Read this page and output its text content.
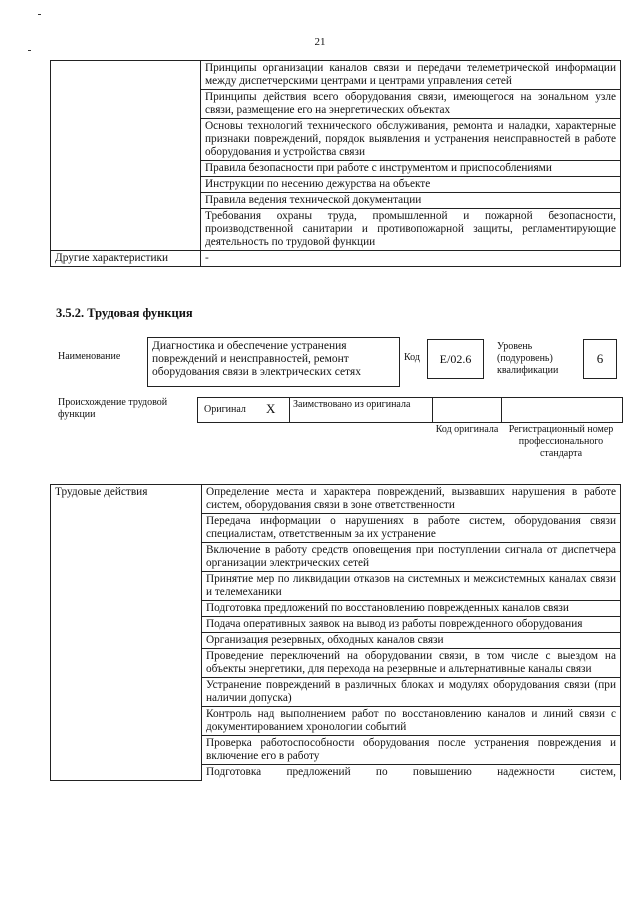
21
	Принципы организации каналов связи и передачи телеметрической информации между диспетчерскими центрами и центрами управления сетей
	Принципы действия всего оборудования связи, имеющегося на зональном узле связи, размещение его на энергетических объектах
	Основы технологий технического обслуживания, ремонта и наладки, характерные признаки повреждений, порядок выявления и устранения неисправностей в работе оборудования и устройства связи
	Правила безопасности при работе с инструментом и приспособлениями
	Инструкции по несению дежурства на объекте
	Правила ведения технической документации
	Требования охраны труда, промышленной и пожарной безопасности, производственной санитарии и противопожарной защиты, регламентирующие деятельность по трудовой функции
Другие характеристики	-
3.5.2. Трудовая функция
Наименование
Диагностика и обеспечение устранения повреждений и неисправностей, ремонт оборудования связи в электрических сетях
Код	E/02.6
Уровень (подуровень) квалификации
6
Происхождение трудовой функции	Оригинал X Заимствовано из оригинала
Код оригинала	Регистрационный номер профессионального стандарта
Трудовые действия	Определение места и характера повреждений, вызвавших нарушения в работе систем, оборудования связи в зоне ответственности
Передача информации о нарушениях в работе систем, оборудования связи специалистам, ответственным за их устранение
Включение в работу средств оповещения при поступлении сигнала от диспетчера организации электрических сетей
Принятие мер по ликвидации отказов на системных и межсистемных каналах связи и телемеханики
Подготовка предложений по восстановлению поврежденных каналов связи
Подача оперативных заявок на вывод из работы поврежденного оборудования
Организация резервных, обходных каналов связи
Проведение переключений на оборудовании связи, в том числе с выездом на объекты энергетики, для перехода на резервные и альтернативные каналы связи
Устранение повреждений в различных блоках и модулях оборудования связи (при наличии допуска)
Контроль над выполнением работ по восстановлению каналов и линий связи с документированием хронологии событий
Проверка работоспособности оборудования после устранения повреждения и включение его в работу
Подготовка предложений по повышению надежности систем,
